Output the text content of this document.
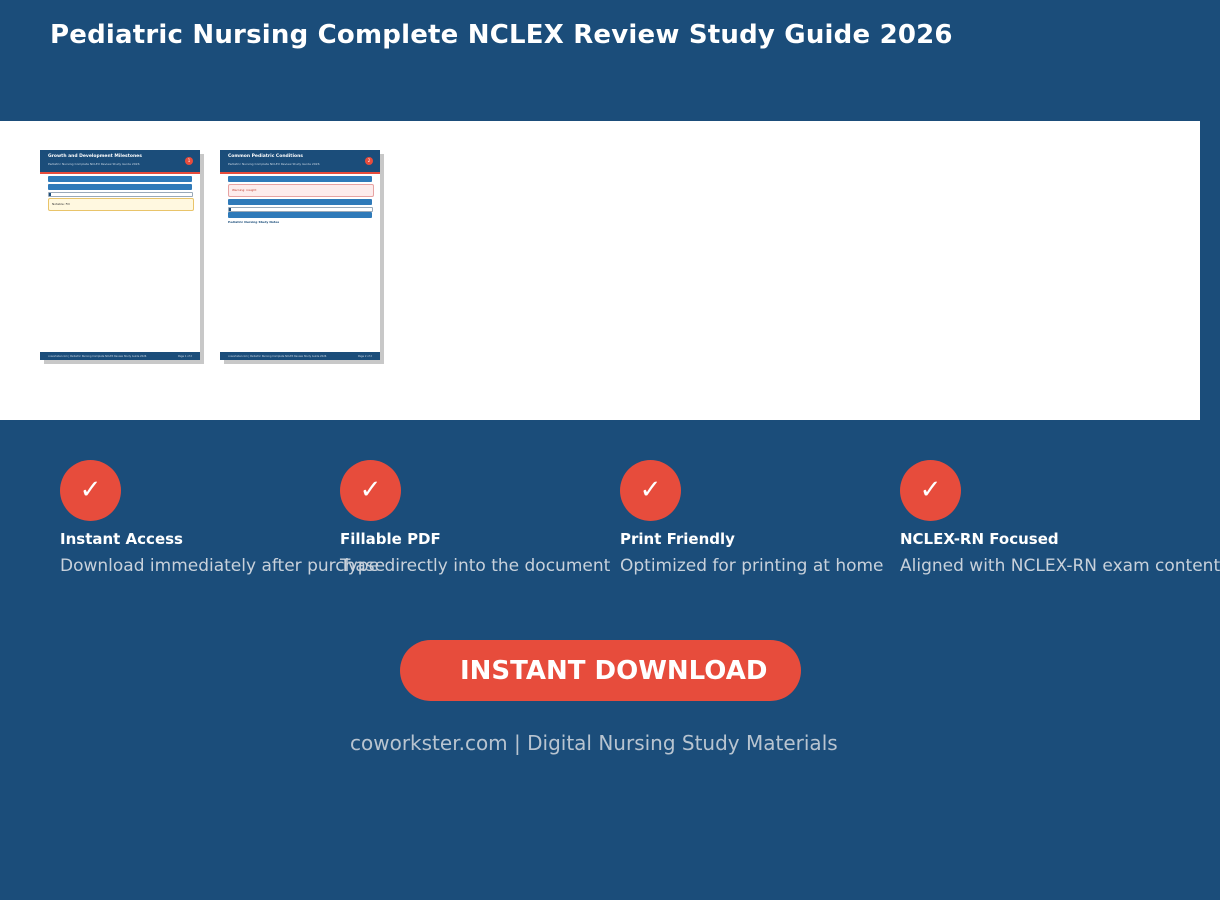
Pediatric Nursing Complete NCLEX Review Study Guide 2026
Growth and Development Milestones
Pediatric Nursing Complete NCLEX Review Study Guide 2026
1
Notable: Fill
coworkster.com | Pediatric Nursing Complete NCLEX Review Study Guide 2026	Page 1 of 2
Common Pediatric Conditions
Pediatric Nursing Complete NCLEX Review Study Guide 2026
2
Warning: insight
Pediatric Nursing Study Notes
coworkster.com | Pediatric Nursing Complete NCLEX Review Study Guide 2026	Page 2 of 2
✓
Instant Access
Download immediately after purchase
✓
Fillable PDF
Type directly into the document
✓
Print Friendly
Optimized for printing at home
✓
NCLEX-RN Focused
Aligned with NCLEX-RN exam content
INSTANT DOWNLOAD
coworkster.com | Digital Nursing Study Materials
